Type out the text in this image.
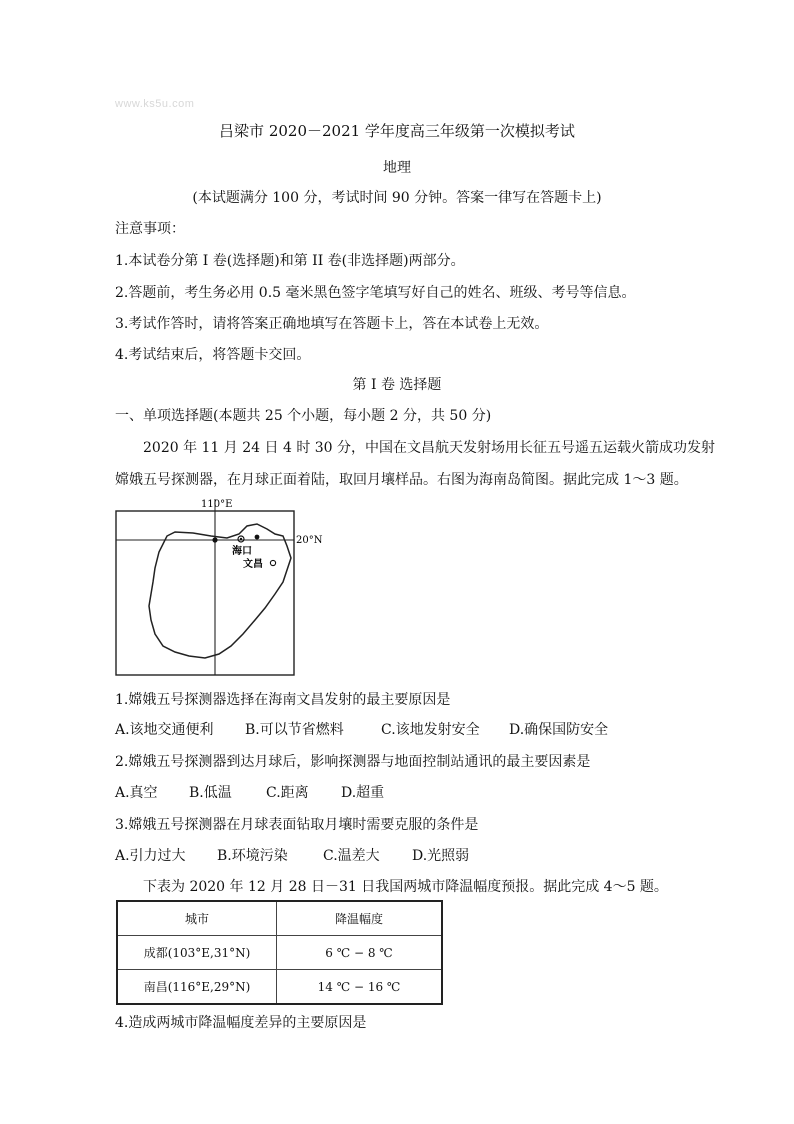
www.ks5u.com
吕梁市 2020－2021 学年度高三年级第一次模拟考试
地理
(本试题满分 100 分，考试时间 90 分钟。答案一律写在答题卡上)
注意事项：
1.本试卷分第 I 卷(选择题)和第 II 卷(非选择题)两部分。
2.答题前，考生务必用 0.5 毫米黑色签字笔填写好自己的姓名、班级、考号等信息。
3.考试作答时，请将答案正确地填写在答题卡上，答在本试卷上无效。
4.考试结束后，将答题卡交回。
第 I 卷 选择题
一、单项选择题(本题共 25 个小题，每小题 2 分，共 50 分)
2020 年 11 月 24 日 4 时 30 分，中国在文昌航天发射场用长征五号遥五运载火箭成功发射
嫦娥五号探测器，在月球正面着陆，取回月壤样品。右图为海南岛简图。据此完成 1～3 题。
110°E
20°N
海口
文昌
1.嫦娥五号探测器选择在海南文昌发射的最主要原因是
A.该地交通便利 B.可以节省燃料	C.该地发射安全 D.确保国防安全
2.嫦娥五号探测器到达月球后，影响探测器与地面控制站通讯的最主要因素是
A.真空 B.低温 C.距离 D.超重
3.嫦娥五号探测器在月球表面钻取月壤时需要克服的条件是
A.引力过大 B.环境污染	C.温差大 D.光照弱
下表为 2020 年 12 月 28 日－31 日我国两城市降温幅度预报。据此完成 4～5 题。
城市	降温幅度
成都(103°E,31°N)	6 ℃ − 8 ℃
南昌(116°E,29°N)	14 ℃ − 16 ℃
4.造成两城市降温幅度差异的主要原因是
